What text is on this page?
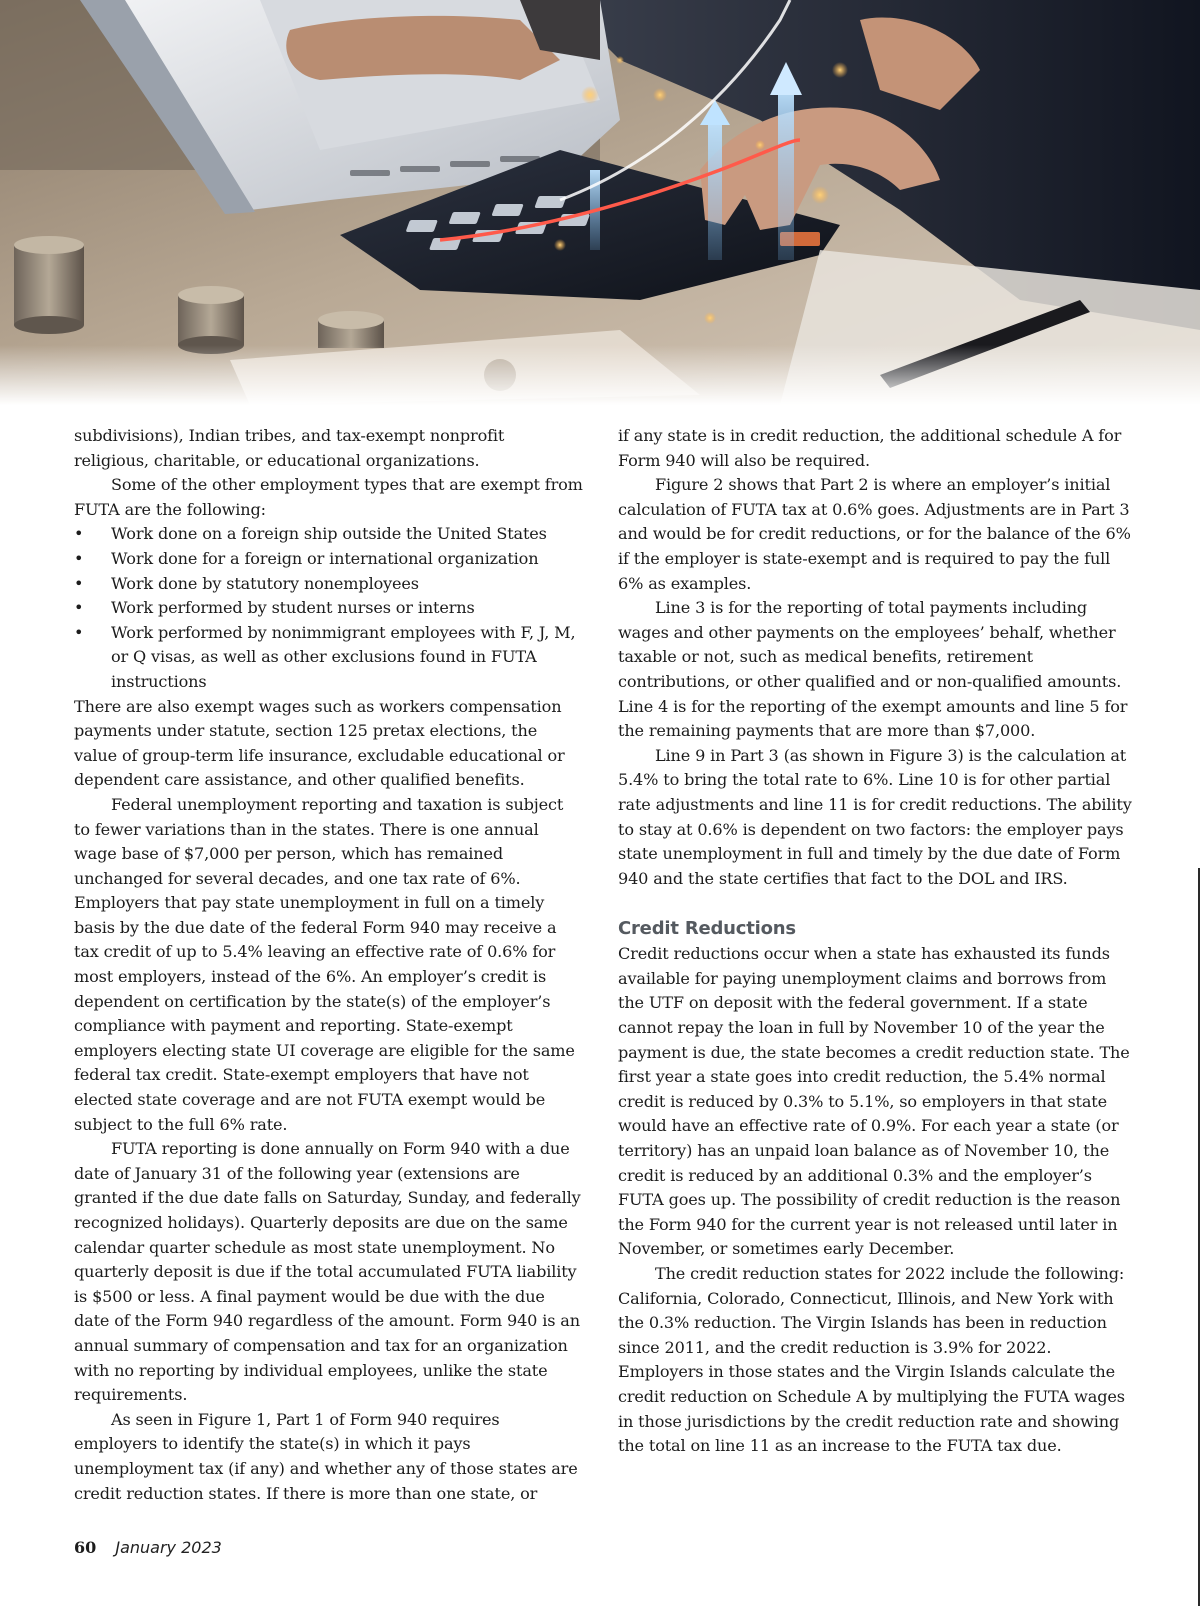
subdivisions), Indian tribes, and tax-exempt nonprofit religious, charitable, or educational organizations.

Some of the other employment types that are exempt from FUTA are the following:

• Work done on a foreign ship outside the United States
• Work done for a foreign or international organization
• Work done by statutory nonemployees
• Work performed by student nurses or interns
• Work performed by nonimmigrant employees with F, J, M, or Q visas, as well as other exclusions found in FUTA instructions

There are also exempt wages such as workers compensation payments under statute, section 125 pretax elections, the value of group-term life insurance, excludable educational or dependent care assistance, and other qualified benefits.

Federal unemployment reporting and taxation is subject to fewer variations than in the states. There is one annual wage base of $7,000 per person, which has remained unchanged for several decades, and one tax rate of 6%. Employers that pay state unemployment in full on a timely basis by the due date of the federal Form 940 may receive a tax credit of up to 5.4% leaving an effective rate of 0.6% for most employers, instead of the 6%. An employer’s credit is dependent on certification by the state(s) of the employer’s compliance with payment and reporting. State-exempt employers electing state UI coverage are eligible for the same federal tax credit. State-exempt employers that have not elected state coverage and are not FUTA exempt would be subject to the full 6% rate.

FUTA reporting is done annually on Form 940 with a due date of January 31 of the following year (extensions are granted if the due date falls on Saturday, Sunday, and federally recognized holidays). Quarterly deposits are due on the same calendar quarter schedule as most state unemployment. No quarterly deposit is due if the total accumulated FUTA liability is $500 or less. A final payment would be due with the due date of the Form 940 regardless of the amount. Form 940 is an annual summary of compensation and tax for an organization with no reporting by individual employees, unlike the state requirements.

As seen in Figure 1, Part 1 of Form 940 requires employers to identify the state(s) in which it pays unemployment tax (if any) and whether any of those states are credit reduction states. If there is more than one state, or

if any state is in credit reduction, the additional schedule A for Form 940 will also be required.

Figure 2 shows that Part 2 is where an employer’s initial calculation of FUTA tax at 0.6% goes. Adjustments are in Part 3 and would be for credit reductions, or for the balance of the 6% if the employer is state-exempt and is required to pay the full 6% as examples.

Line 3 is for the reporting of total payments including wages and other payments on the employees’ behalf, whether taxable or not, such as medical benefits, retirement contributions, or other qualified and or non-qualified amounts. Line 4 is for the reporting of the exempt amounts and line 5 for the remaining payments that are more than $7,000.

Line 9 in Part 3 (as shown in Figure 3) is the calculation at 5.4% to bring the total rate to 6%. Line 10 is for other partial rate adjustments and line 11 is for credit reductions. The ability to stay at 0.6% is dependent on two factors: the employer pays state unemployment in full and timely by the due date of Form 940 and the state certifies that fact to the DOL and IRS.

Credit Reductions

Credit reductions occur when a state has exhausted its funds available for paying unemployment claims and borrows from the UTF on deposit with the federal government. If a state cannot repay the loan in full by November 10 of the year the payment is due, the state becomes a credit reduction state. The first year a state goes into credit reduction, the 5.4% normal credit is reduced by 0.3% to 5.1%, so employers in that state would have an effective rate of 0.9%. For each year a state (or territory) has an unpaid loan balance as of November 10, the credit is reduced by an additional 0.3% and the employer’s FUTA goes up. The possibility of credit reduction is the reason the Form 940 for the current year is not released until later in November, or sometimes early December.

The credit reduction states for 2022 include the following: California, Colorado, Connecticut, Illinois, and New York with the 0.3% reduction. The Virgin Islands has been in reduction since 2011, and the credit reduction is 3.9% for 2022. Employers in those states and the Virgin Islands calculate the credit reduction on Schedule A by multiplying the FUTA wages in those jurisdictions by the credit reduction rate and showing the total on line 11 as an increase to the FUTA tax due.

60 January 2023
